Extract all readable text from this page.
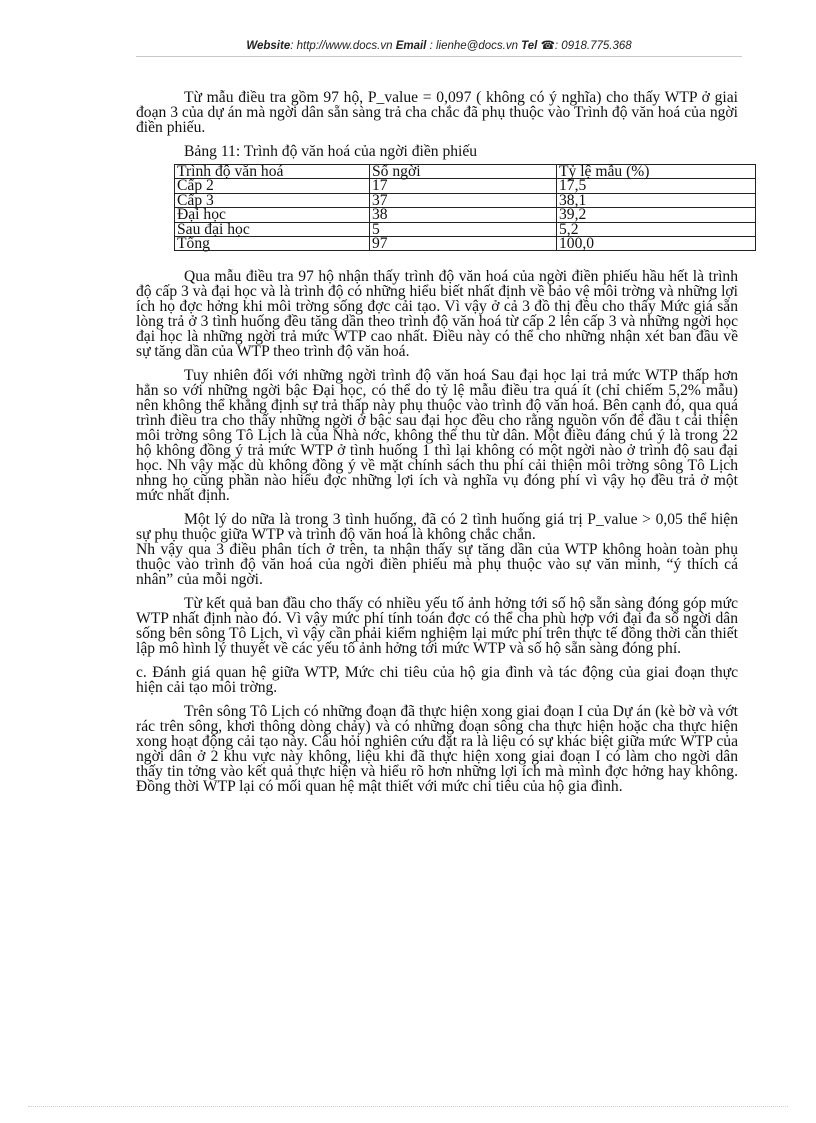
Website: http://www.docs.vn Email : lienhe@docs.vn Tel ☎: 0918.775.368

Từ mẫu điều tra gồm 97 hộ, P_value = 0,097 ( không có ý nghĩa) cho thấy WTP ở giai đoạn 3 của dự án mà ngời dân sẵn sàng trả cha chắc đã phụ thuộc vào Trình độ văn hoá của ngời điền phiếu.

Bảng 11: Trình độ văn hoá của ngời điền phiếu
Trình độ văn hoá	Số ngời	Tỷ lệ mẫu (%)
Cấp 2	17	17,5
Cấp 3	37	38,1
Đại học	38	39,2
Sau đại học	5	5,2
Tổng	97	100,0

Qua mẫu điều tra 97 hộ nhận thấy trình độ văn hoá của ngời điền phiếu hầu hết là trình độ cấp 3 và đại học và là trình độ có những hiểu biết nhất định về bảo vệ môi trờng và những lợi ích họ đợc hởng khi môi trờng sống đợc cải tạo. Vì vậy ở cả 3 đồ thị đều cho thấy Mức giá sẵn lòng trả ở 3 tình huống đều tăng dần theo trình độ văn hoá từ cấp 2 lên cấp 3 và những ngời học đại học là những ngời trả mức WTP cao nhất. Điều này có thể cho những nhận xét ban đầu về sự tăng dần của WTP theo trình độ văn hoá.

Tuy nhiên đối với những ngời trình độ văn hoá Sau đại học lại trả mức WTP thấp hơn hẳn so với những ngời bậc Đại học, có thể do tỷ lệ mẫu điều tra quá ít (chỉ chiếm 5,2% mẫu) nên không thể khẳng định sự trả thấp này phụ thuộc vào trình độ văn hoá. Bên cạnh đó, qua quá trình điều tra cho thấy những ngời ở bậc sau đại học đều cho rằng nguồn vốn để đầu t cải thiện môi trờng sông Tô Lịch là của Nhà nớc, không thể thu từ dân. Một điều đáng chú ý là trong 22 hộ không đồng ý trả mức WTP ở tình huống 1 thì lại không có một ngời nào ở trình độ sau đại học. Nh vậy mặc dù không đồng ý về mặt chính sách thu phí cải thiện môi trờng sông Tô Lịch nhng họ cũng phần nào hiểu đợc những lợi ích và nghĩa vụ đóng phí vì vậy họ đều trả ở một mức nhất định.

Một lý do nữa là trong 3 tình huống, đã có 2 tình huống giá trị P_value > 0,05 thể hiện sự phụ thuộc giữa WTP và trình độ văn hoá là không chắc chắn.

Nh vậy qua 3 điều phân tích ở trên, ta nhận thấy sự tăng dần của WTP không hoàn toàn phụ thuộc vào trình độ văn hoá của ngời điền phiếu mà phụ thuộc vào sự văn minh, “ý thích cá nhân” của mỗi ngời.

Từ kết quả ban đầu cho thấy có nhiều yếu tố ảnh hởng tới số hộ sẵn sàng đóng góp mức WTP nhất định nào đó. Vì vậy mức phí tính toán đợc có thể cha phù hợp với đại đa số ngời dân sống bên sông Tô Lịch, vì vậy cần phải kiểm nghiệm lại mức phí trên thực tế đồng thời cần thiết lập mô hình lý thuyết về các yếu tố ảnh hởng tới mức WTP và số hộ sẵn sàng đóng phí.

c. Đánh giá quan hệ giữa WTP, Mức chi tiêu của hộ gia đình và tác động của giai đoạn thực hiện cải tạo môi trờng.

Trên sông Tô Lịch có những đoạn đã thực hiện xong giai đoạn I của Dự án (kè bờ và vớt rác trên sông, khơi thông dòng chảy) và có những đoạn sông cha thực hiện hoặc cha thực hiện xong hoạt động cải tạo này. Câu hỏi nghiên cứu đặt ra là liệu có sự khác biệt giữa mức WTP của ngời dân ở 2 khu vực này không, liệu khi đã thực hiện xong giai đoạn I có làm cho ngời dân thấy tin tởng vào kết quả thực hiện và hiểu rõ hơn những lợi ích mà mình đợc hởng hay không. Đồng thời WTP lại có mối quan hệ mật thiết với mức chi tiêu của hộ gia đình.
